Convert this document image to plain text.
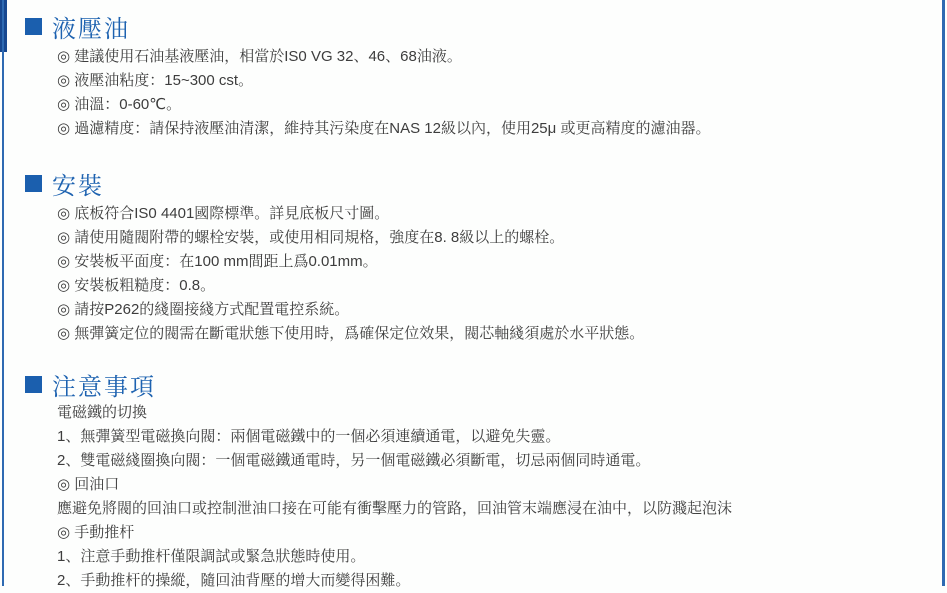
液壓油

◎ 建議使用石油基液壓油，相當於IS0 VG 32、46、68油液。

◎ 液壓油粘度：15~300 cst。

◎ 油溫：0-60℃。

◎ 過濾精度：請保持液壓油清潔，維持其污染度在NAS 12級以內，使用25μ 或更高精度的濾油器。

安裝

◎ 底板符合IS0 4401國際標準。詳見底板尺寸圖。

◎ 請使用隨閥附帶的螺栓安裝，或使用相同規格，強度在8. 8級以上的螺栓。

◎ 安裝板平面度：在100 mm間距上爲0.01mm。

◎ 安裝板粗糙度：0.8。

◎ 請按P262的綫圈接綫方式配置電控系統。

◎ 無彈簧定位的閥需在斷電狀態下使用時，爲確保定位效果，閥芯軸綫須處於水平狀態。

注意事項

電磁鐵的切換

1、無彈簧型電磁換向閥：兩個電磁鐵中的一個必須連續通電，以避免失靈。

2、雙電磁綫圈換向閥：一個電磁鐵通電時，另一個電磁鐵必須斷電，切忌兩個同時通電。

◎ 回油口

應避免將閥的回油口或控制泄油口接在可能有衝擊壓力的管路，回油管末端應浸在油中，以防濺起泡沫

◎ 手動推杆

1、注意手動推杆僅限調試或緊急狀態時使用。

2、手動推杆的操縱，隨回油背壓的增大而變得困難。
